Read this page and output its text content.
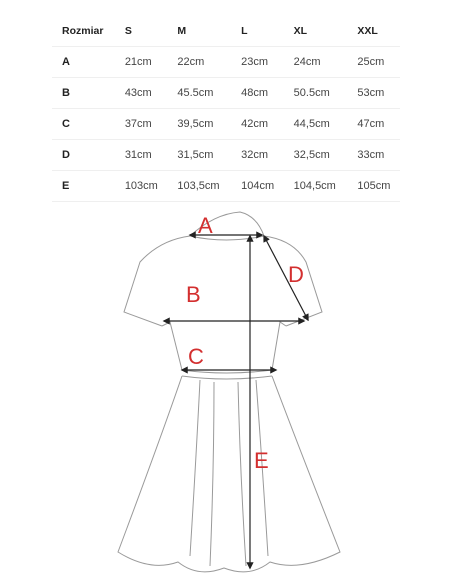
Rozmiar	S	M	L	XL	XXL
A	21cm	22cm	23cm	24cm	25cm
B	43cm	45.5cm	48cm	50.5cm	53cm
C	37cm	39,5cm	42cm	44,5cm	47cm
D	31cm	31,5cm	32cm	32,5cm	33cm
E	103cm	103,5cm	104cm	104,5cm	105cm
A
B
C
D
E
